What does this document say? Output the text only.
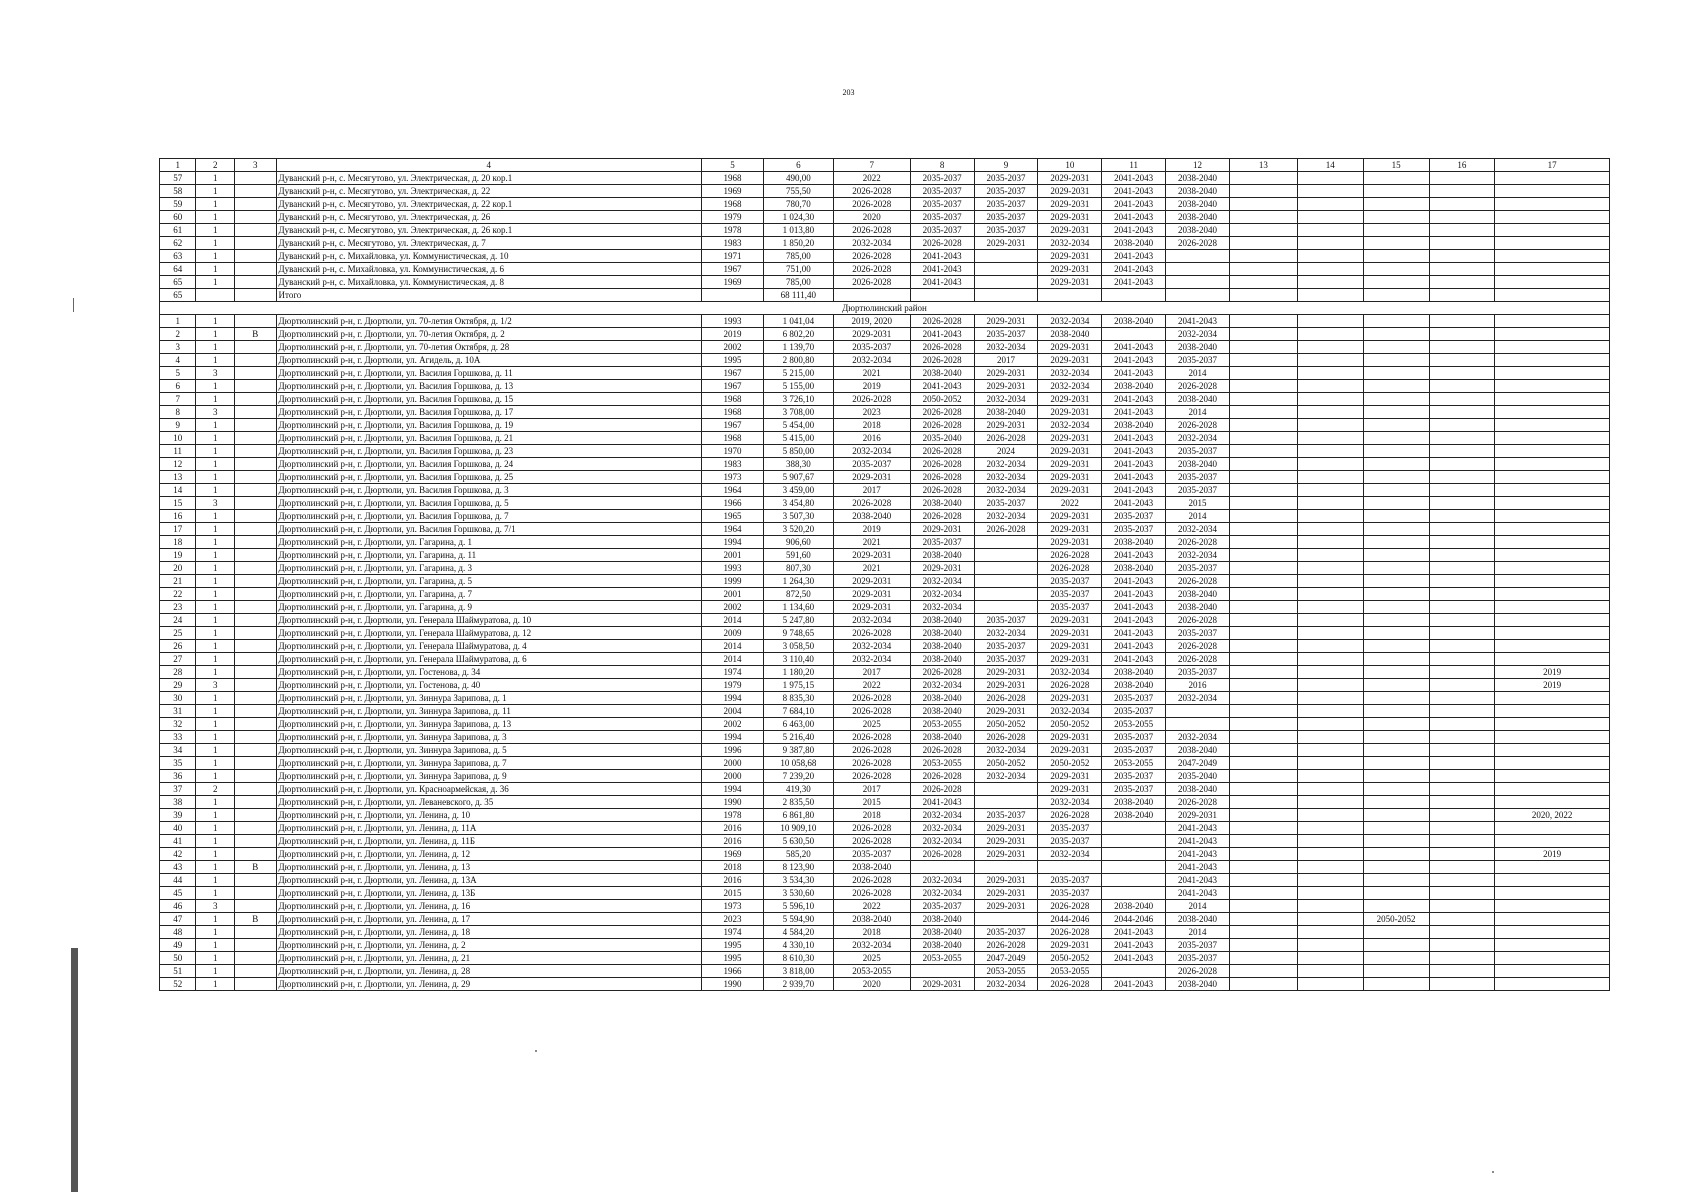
203
1	2	3	4	5	6	7	8	9	10	11	12	13	14	15	16	17
57	1		Дуванский р-н, с. Месягутово, ул. Электрическая, д. 20 кор.1	1968	490,00	2022	2035-2037	2035-2037	2029-2031	2041-2043	2038-2040					
58	1		Дуванский р-н, с. Месягутово, ул. Электрическая, д. 22	1969	755,50	2026-2028	2035-2037	2035-2037	2029-2031	2041-2043	2038-2040					
59	1		Дуванский р-н, с. Месягутово, ул. Электрическая, д. 22 кор.1	1968	780,70	2026-2028	2035-2037	2035-2037	2029-2031	2041-2043	2038-2040					
60	1		Дуванский р-н, с. Месягутово, ул. Электрическая, д. 26	1979	1 024,30	2020	2035-2037	2035-2037	2029-2031	2041-2043	2038-2040					
61	1		Дуванский р-н, с. Месягутово, ул. Электрическая, д. 26 кор.1	1978	1 013,80	2026-2028	2035-2037	2035-2037	2029-2031	2041-2043	2038-2040					
62	1		Дуванский р-н, с. Месягутово, ул. Электрическая, д. 7	1983	1 850,20	2032-2034	2026-2028	2029-2031	2032-2034	2038-2040	2026-2028					
63	1		Дуванский р-н, с. Михайловка, ул. Коммунистическая, д. 10	1971	785,00	2026-2028	2041-2043		2029-2031	2041-2043						
64	1		Дуванский р-н, с. Михайловка, ул. Коммунистическая, д. 6	1967	751,00	2026-2028	2041-2043		2029-2031	2041-2043						
65	1		Дуванский р-н, с. Михайловка, ул. Коммунистическая, д. 8	1969	785,00	2026-2028	2041-2043		2029-2031	2041-2043						
65			Итого		68 111,40											
Дюртюлинский район																
1	1		Дюртюлинский р-н, г. Дюртюли, ул. 70-летия Октября, д. 1/2	1993	1 041,04	2019, 2020	2026-2028	2029-2031	2032-2034	2038-2040	2041-2043					
2	1	В	Дюртюлинский р-н, г. Дюртюли, ул. 70-летия Октября, д. 2	2019	6 802,20	2029-2031	2041-2043	2035-2037	2038-2040		2032-2034					
3	1		Дюртюлинский р-н, г. Дюртюли, ул. 70-летия Октября, д. 28	2002	1 139,70	2035-2037	2026-2028	2032-2034	2029-2031	2041-2043	2038-2040					
4	1		Дюртюлинский р-н, г. Дюртюли, ул. Агидель, д. 10А	1995	2 800,80	2032-2034	2026-2028	2017	2029-2031	2041-2043	2035-2037					
5	3		Дюртюлинский р-н, г. Дюртюли, ул. Василия Горшкова, д. 11	1967	5 215,00	2021	2038-2040	2029-2031	2032-2034	2041-2043	2014					
6	1		Дюртюлинский р-н, г. Дюртюли, ул. Василия Горшкова, д. 13	1967	5 155,00	2019	2041-2043	2029-2031	2032-2034	2038-2040	2026-2028					
7	1		Дюртюлинский р-н, г. Дюртюли, ул. Василия Горшкова, д. 15	1968	3 726,10	2026-2028	2050-2052	2032-2034	2029-2031	2041-2043	2038-2040					
8	3		Дюртюлинский р-н, г. Дюртюли, ул. Василия Горшкова, д. 17	1968	3 708,00	2023	2026-2028	2038-2040	2029-2031	2041-2043	2014					
9	1		Дюртюлинский р-н, г. Дюртюли, ул. Василия Горшкова, д. 19	1967	5 454,00	2018	2026-2028	2029-2031	2032-2034	2038-2040	2026-2028					
10	1		Дюртюлинский р-н, г. Дюртюли, ул. Василия Горшкова, д. 21	1968	5 415,00	2016	2035-2040	2026-2028	2029-2031	2041-2043	2032-2034					
11	1		Дюртюлинский р-н, г. Дюртюли, ул. Василия Горшкова, д. 23	1970	5 850,00	2032-2034	2026-2028	2024	2029-2031	2041-2043	2035-2037					
12	1		Дюртюлинский р-н, г. Дюртюли, ул. Василия Горшкова, д. 24	1983	388,30	2035-2037	2026-2028	2032-2034	2029-2031	2041-2043	2038-2040					
13	1		Дюртюлинский р-н, г. Дюртюли, ул. Василия Горшкова, д. 25	1973	5 907,67	2029-2031	2026-2028	2032-2034	2029-2031	2041-2043	2035-2037					
14	1		Дюртюлинский р-н, г. Дюртюли, ул. Василия Горшкова, д. 3	1964	3 459,00	2017	2026-2028	2032-2034	2029-2031	2041-2043	2035-2037					
15	3		Дюртюлинский р-н, г. Дюртюли, ул. Василия Горшкова, д. 5	1966	3 454,80	2026-2028	2038-2040	2035-2037	2022	2041-2043	2015					
16	1		Дюртюлинский р-н, г. Дюртюли, ул. Василия Горшкова, д. 7	1965	3 507,30	2038-2040	2026-2028	2032-2034	2029-2031	2035-2037	2014					
17	1		Дюртюлинский р-н, г. Дюртюли, ул. Василия Горшкова, д. 7/1	1964	3 520,20	2019	2029-2031	2026-2028	2029-2031	2035-2037	2032-2034					
18	1		Дюртюлинский р-н, г. Дюртюли, ул. Гагарина, д. 1	1994	906,60	2021	2035-2037		2029-2031	2038-2040	2026-2028					
19	1		Дюртюлинский р-н, г. Дюртюли, ул. Гагарина, д. 11	2001	591,60	2029-2031	2038-2040		2026-2028	2041-2043	2032-2034					
20	1		Дюртюлинский р-н, г. Дюртюли, ул. Гагарина, д. 3	1993	807,30	2021	2029-2031		2026-2028	2038-2040	2035-2037					
21	1		Дюртюлинский р-н, г. Дюртюли, ул. Гагарина, д. 5	1999	1 264,30	2029-2031	2032-2034		2035-2037	2041-2043	2026-2028					
22	1		Дюртюлинский р-н, г. Дюртюли, ул. Гагарина, д. 7	2001	872,50	2029-2031	2032-2034		2035-2037	2041-2043	2038-2040					
23	1		Дюртюлинский р-н, г. Дюртюли, ул. Гагарина, д. 9	2002	1 134,60	2029-2031	2032-2034		2035-2037	2041-2043	2038-2040					
24	1		Дюртюлинский р-н, г. Дюртюли, ул. Генерала Шаймуратова, д. 10	2014	5 247,80	2032-2034	2038-2040	2035-2037	2029-2031	2041-2043	2026-2028					
25	1		Дюртюлинский р-н, г. Дюртюли, ул. Генерала Шаймуратова, д. 12	2009	9 748,65	2026-2028	2038-2040	2032-2034	2029-2031	2041-2043	2035-2037					
26	1		Дюртюлинский р-н, г. Дюртюли, ул. Генерала Шаймуратова, д. 4	2014	3 058,50	2032-2034	2038-2040	2035-2037	2029-2031	2041-2043	2026-2028					
27	1		Дюртюлинский р-н, г. Дюртюли, ул. Генерала Шаймуратова, д. 6	2014	3 110,40	2032-2034	2038-2040	2035-2037	2029-2031	2041-2043	2026-2028					
28	1		Дюртюлинский р-н, г. Дюртюли, ул. Гостенова, д. 34	1974	1 180,20	2017	2026-2028	2029-2031	2032-2034	2038-2040	2035-2037					2019
29	3		Дюртюлинский р-н, г. Дюртюли, ул. Гостенова, д. 40	1979	1 975,15	2022	2032-2034	2029-2031	2026-2028	2038-2040	2016					2019
30	1		Дюртюлинский р-н, г. Дюртюли, ул. Зиннура Зарипова, д. 1	1994	8 835,30	2026-2028	2038-2040	2026-2028	2029-2031	2035-2037	2032-2034					
31	1		Дюртюлинский р-н, г. Дюртюли, ул. Зиннура Зарипова, д. 11	2004	7 684,10	2026-2028	2038-2040	2029-2031	2032-2034	2035-2037						
32	1		Дюртюлинский р-н, г. Дюртюли, ул. Зиннура Зарипова, д. 13	2002	6 463,00	2025	2053-2055	2050-2052	2050-2052	2053-2055						
33	1		Дюртюлинский р-н, г. Дюртюли, ул. Зиннура Зарипова, д. 3	1994	5 216,40	2026-2028	2038-2040	2026-2028	2029-2031	2035-2037	2032-2034					
34	1		Дюртюлинский р-н, г. Дюртюли, ул. Зиннура Зарипова, д. 5	1996	9 387,80	2026-2028	2026-2028	2032-2034	2029-2031	2035-2037	2038-2040					
35	1		Дюртюлинский р-н, г. Дюртюли, ул. Зиннура Зарипова, д. 7	2000	10 058,68	2026-2028	2053-2055	2050-2052	2050-2052	2053-2055	2047-2049					
36	1		Дюртюлинский р-н, г. Дюртюли, ул. Зиннура Зарипова, д. 9	2000	7 239,20	2026-2028	2026-2028	2032-2034	2029-2031	2035-2037	2035-2040					
37	2		Дюртюлинский р-н, г. Дюртюли, ул. Красноармейская, д. 36	1994	419,30	2017	2026-2028		2029-2031	2035-2037	2038-2040					
38	1		Дюртюлинский р-н, г. Дюртюли, ул. Леваневского, д. 35	1990	2 835,50	2015	2041-2043		2032-2034	2038-2040	2026-2028					
39	1		Дюртюлинский р-н, г. Дюртюли, ул. Ленина, д. 10	1978	6 861,80	2018	2032-2034	2035-2037	2026-2028	2038-2040	2029-2031					2020, 2022
40	1		Дюртюлинский р-н, г. Дюртюли, ул. Ленина, д. 11А	2016	10 909,10	2026-2028	2032-2034	2029-2031	2035-2037		2041-2043					
41	1		Дюртюлинский р-н, г. Дюртюли, ул. Ленина, д. 11Б	2016	5 630,50	2026-2028	2032-2034	2029-2031	2035-2037		2041-2043					
42	1		Дюртюлинский р-н, г. Дюртюли, ул. Ленина, д. 12	1969	585,20	2035-2037	2026-2028	2029-2031	2032-2034		2041-2043					2019
43	1	В	Дюртюлинский р-н, г. Дюртюли, ул. Ленина, д. 13	2018	8 123,90	2038-2040					2041-2043					
44	1		Дюртюлинский р-н, г. Дюртюли, ул. Ленина, д. 13А	2016	3 534,30	2026-2028	2032-2034	2029-2031	2035-2037		2041-2043					
45	1		Дюртюлинский р-н, г. Дюртюли, ул. Ленина, д. 13Б	2015	3 530,60	2026-2028	2032-2034	2029-2031	2035-2037		2041-2043					
46	3		Дюртюлинский р-н, г. Дюртюли, ул. Ленина, д. 16	1973	5 596,10	2022	2035-2037	2029-2031	2026-2028	2038-2040	2014					
47	1	В	Дюртюлинский р-н, г. Дюртюли, ул. Ленина, д. 17	2023	5 594,90	2038-2040	2038-2040		2044-2046	2044-2046	2038-2040			2050-2052		
48	1		Дюртюлинский р-н, г. Дюртюли, ул. Ленина, д. 18	1974	4 584,20	2018	2038-2040	2035-2037	2026-2028	2041-2043	2014					
49	1		Дюртюлинский р-н, г. Дюртюли, ул. Ленина, д. 2	1995	4 330,10	2032-2034	2038-2040	2026-2028	2029-2031	2041-2043	2035-2037					
50	1		Дюртюлинский р-н, г. Дюртюли, ул. Ленина, д. 21	1995	8 610,30	2025	2053-2055	2047-2049	2050-2052	2041-2043	2035-2037					
51	1		Дюртюлинский р-н, г. Дюртюли, ул. Ленина, д. 28	1966	3 818,00	2053-2055		2053-2055	2053-2055		2026-2028					
52	1		Дюртюлинский р-н, г. Дюртюли, ул. Ленина, д. 29	1990	2 939,70	2020	2029-2031	2032-2034	2026-2028	2041-2043	2038-2040					
